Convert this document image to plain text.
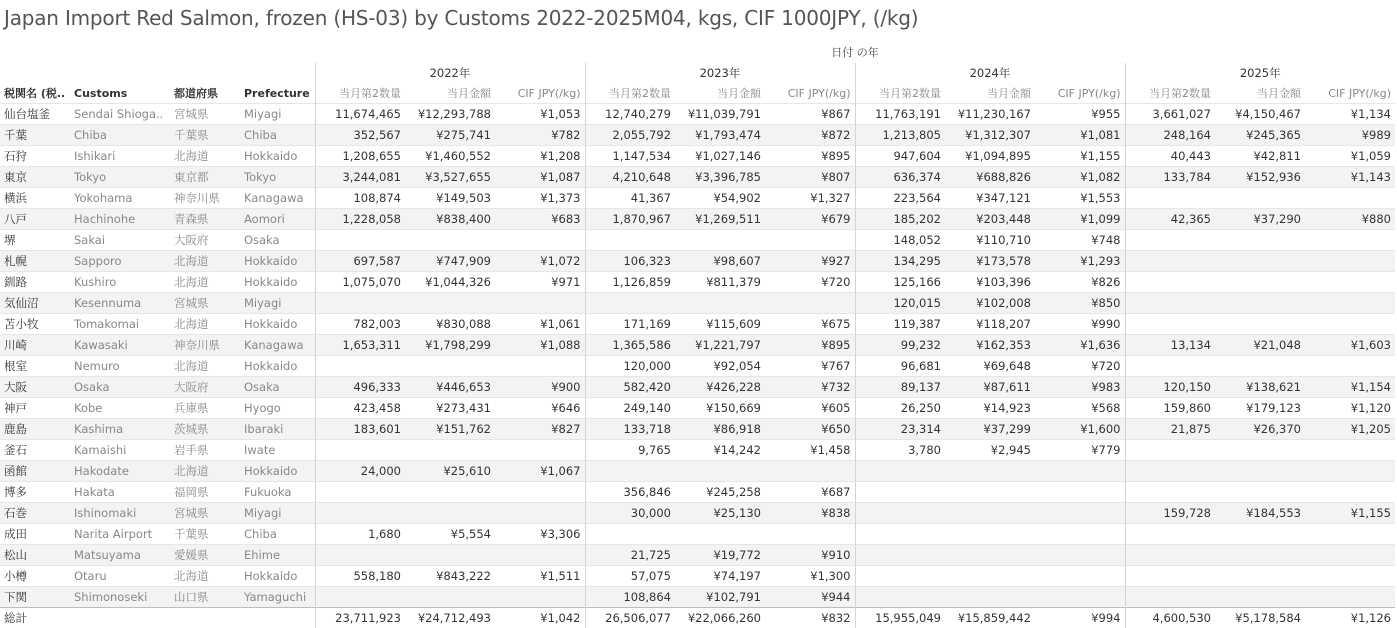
Japan Import Red Salmon, frozen (HS-03) by Customs 2022-2025M04, kgs, CIF 1000JPY, (/kg)
日付 の年
				2022年			2023年			2024年			2025年		
税関名 (税..	Customs	都道府県	Prefecture	当月第2数量	当月金額	CIF JPY(/kg)	当月第2数量	当月金額	CIF JPY(/kg)	当月第2数量	当月金額	CIF JPY(/kg)	当月第2数量	当月金額	CIF JPY(/kg)
仙台塩釜	Sendai Shioga..	宮城県	Miyagi	11,674,465	¥12,293,788	¥1,053	12,740,279	¥11,039,791	¥867	11,763,191	¥11,230,167	¥955	3,661,027	¥4,150,467	¥1,134
千葉	Chiba	千葉県	Chiba	352,567	¥275,741	¥782	2,055,792	¥1,793,474	¥872	1,213,805	¥1,312,307	¥1,081	248,164	¥245,365	¥989
石狩	Ishikari	北海道	Hokkaido	1,208,655	¥1,460,552	¥1,208	1,147,534	¥1,027,146	¥895	947,604	¥1,094,895	¥1,155	40,443	¥42,811	¥1,059
東京	Tokyo	東京都	Tokyo	3,244,081	¥3,527,655	¥1,087	4,210,648	¥3,396,785	¥807	636,374	¥688,826	¥1,082	133,784	¥152,936	¥1,143
横浜	Yokohama	神奈川県	Kanagawa	108,874	¥149,503	¥1,373	41,367	¥54,902	¥1,327	223,564	¥347,121	¥1,553			
八戸	Hachinohe	青森県	Aomori	1,228,058	¥838,400	¥683	1,870,967	¥1,269,511	¥679	185,202	¥203,448	¥1,099	42,365	¥37,290	¥880
堺	Sakai	大阪府	Osaka							148,052	¥110,710	¥748			
札幌	Sapporo	北海道	Hokkaido	697,587	¥747,909	¥1,072	106,323	¥98,607	¥927	134,295	¥173,578	¥1,293			
釧路	Kushiro	北海道	Hokkaido	1,075,070	¥1,044,326	¥971	1,126,859	¥811,379	¥720	125,166	¥103,396	¥826			
気仙沼	Kesennuma	宮城県	Miyagi							120,015	¥102,008	¥850			
苫小牧	Tomakomai	北海道	Hokkaido	782,003	¥830,088	¥1,061	171,169	¥115,609	¥675	119,387	¥118,207	¥990			
川崎	Kawasaki	神奈川県	Kanagawa	1,653,311	¥1,798,299	¥1,088	1,365,586	¥1,221,797	¥895	99,232	¥162,353	¥1,636	13,134	¥21,048	¥1,603
根室	Nemuro	北海道	Hokkaido				120,000	¥92,054	¥767	96,681	¥69,648	¥720			
大阪	Osaka	大阪府	Osaka	496,333	¥446,653	¥900	582,420	¥426,228	¥732	89,137	¥87,611	¥983	120,150	¥138,621	¥1,154
神戸	Kobe	兵庫県	Hyogo	423,458	¥273,431	¥646	249,140	¥150,669	¥605	26,250	¥14,923	¥568	159,860	¥179,123	¥1,120
鹿島	Kashima	茨城県	Ibaraki	183,601	¥151,762	¥827	133,718	¥86,918	¥650	23,314	¥37,299	¥1,600	21,875	¥26,370	¥1,205
釜石	Kamaishi	岩手県	Iwate				9,765	¥14,242	¥1,458	3,780	¥2,945	¥779			
函館	Hakodate	北海道	Hokkaido	24,000	¥25,610	¥1,067									
博多	Hakata	福岡県	Fukuoka				356,846	¥245,258	¥687						
石巻	Ishinomaki	宮城県	Miyagi				30,000	¥25,130	¥838				159,728	¥184,553	¥1,155
成田	Narita Airport	千葉県	Chiba	1,680	¥5,554	¥3,306									
松山	Matsuyama	愛媛県	Ehime				21,725	¥19,772	¥910						
小樽	Otaru	北海道	Hokkaido	558,180	¥843,222	¥1,511	57,075	¥74,197	¥1,300						
下関	Shimonoseki	山口県	Yamaguchi				108,864	¥102,791	¥944						
総計				23,711,923	¥24,712,493	¥1,042	26,506,077	¥22,066,260	¥832	15,955,049	¥15,859,442	¥994	4,600,530	¥5,178,584	¥1,126
